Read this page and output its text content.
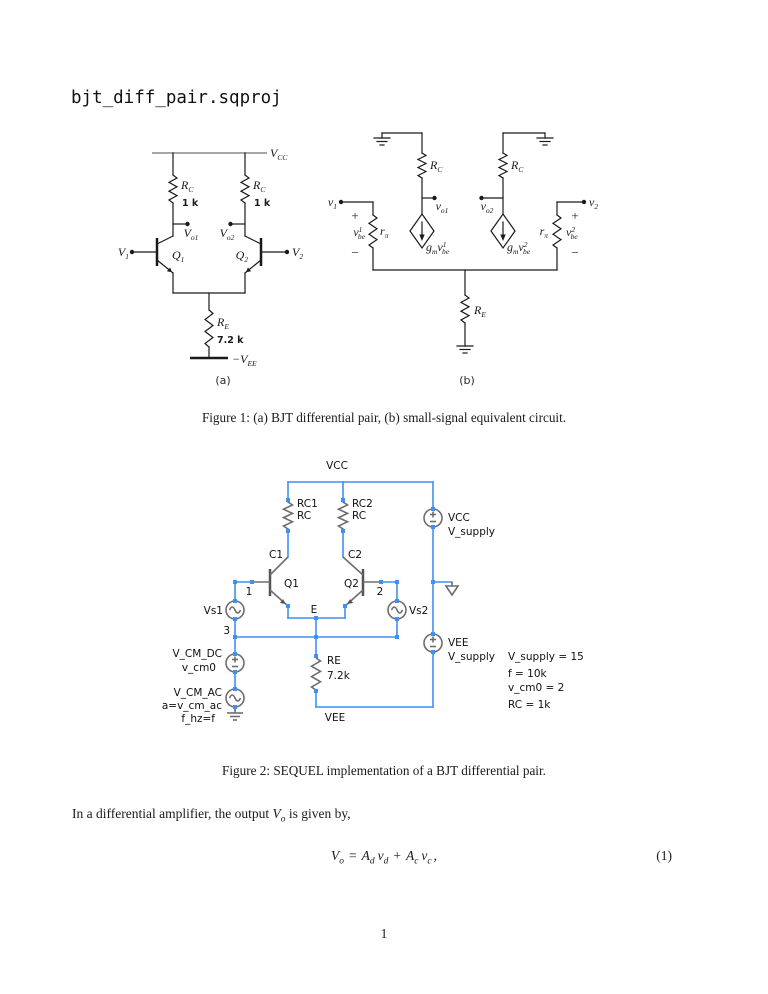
bjt_diff_pair.sqproj
$V_{CC}$
$R_C$
1 k
$V_{o1}$
$R_C$
1 k
$V_{o2}$
$Q_1$
$V_1$	$Q_2$
$V_2$
$R_E$
7.2 k
$-V_{EE}$
(a)
$R_C$
$v_{o1}$
$R_C$
$v_{o2}$
$v_1$
+
$v^1$ be
−
$r_\pi$
$v_2$
+
$v^2$ be
−
$r_\pi$
$g_mv^1$ be	$g_mv^2$ be
$R_E$
(b)
Figure 1: (a) BJT differential pair, (b) small-signal equivalent circuit.
VCC
RC1
RC
RC2
RC
C1	C2
Q1	Q2
1	2
3
E
Vs1	Vs2
VCC
V_supply
VEE
V_supply
V_CM_DC
v_cm0
V_CM_AC
a=v_cm_ac
f_hz=f
RE
7.2k
VEE
V_supply = 15
f = 10k
v_cm0 = 2
RC = 1k
Figure 2: SEQUEL implementation of a BJT differential pair.
In a differential amplifier, the output $V_o$ is given by,
$V_o = A_d$ $v_d + A_c$ $v_c$ ,	(1)
1
